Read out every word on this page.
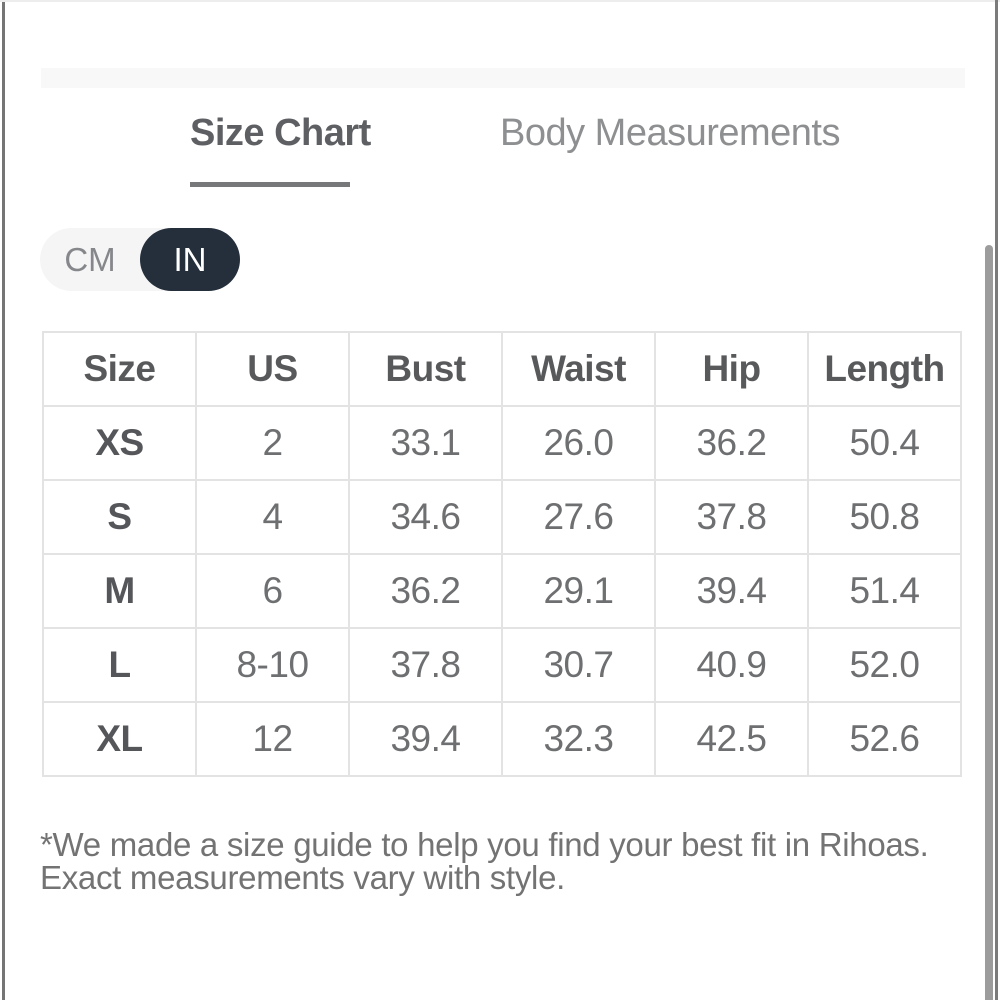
Size Chart	Body Measurements
CM IN
Size	US	Bust	Waist	Hip	Length
XS	2	33.1	26.0	36.2	50.4
S	4	34.6	27.6	37.8	50.8
M	6	36.2	29.1	39.4	51.4
L	8-10	37.8	30.7	40.9	52.0
XL	12	39.4	32.3	42.5	52.6
*We made a size guide to help you find your best fit in Rihoas.
Exact measurements vary with style.
